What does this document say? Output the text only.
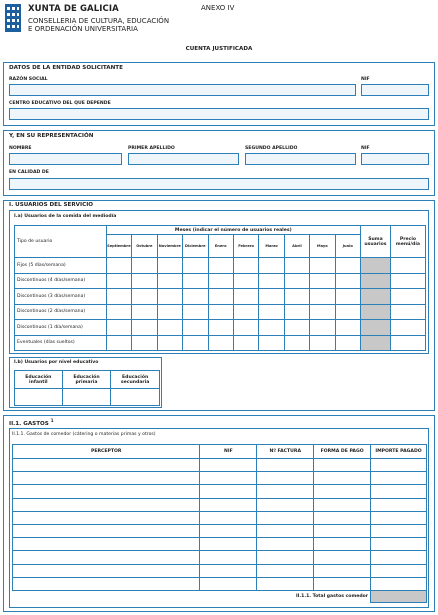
XUNTA DE GALICIA
CONSELLERIA DE CULTURA, EDUCACIÓN
E ORDENACIÓN UNIVERSITARIA
ANEXO IV
CUENTA JUSTIFICADA
DATOS DE LA ENTIDAD SOLICITANTE
RAZÓN SOCIAL	NIF
CENTRO EDUCATIVO DEL QUE DEPENDE
Y, EN SU REPRESENTACIÓN
NOMBRE	PRIMER APELLIDO	SEGUNDO APELLIDO	NIF
EN CALIDAD DE
I. USUARIOS DEL SERVICIO
I.a) Usuarios de la comida del mediodía
Tipo de usuario	Meses (indicar el número de usuarios reales)										Suma usuarios	Precio menú/día
	Septiembre	Octubre	Noviembre	Diciembre	Enero	Febrero	Marzo	Abril	Mayo	Junio		
Fijos (5 días/semana)												
Discontinuos (4 días/semana)												
Discontinuos (3 días/semana)												
Discontinuos (2 días/semana)												
Discontinuos (1 día/semana)												
Eventuales (días sueltos)												
I.b) Usuarios por nivel educativo
Educación infantil	Educación primaria	Educación secundaria

II.1. GASTOS $^1$
II.1.1. Gastos de comedor (cátering o materias primas y otros)
PERCEPTOR	NIF	Nº FACTURA	FORMA DE PAGO	IMPORTE PAGADO

II.1.1. Total gastos comedor				
